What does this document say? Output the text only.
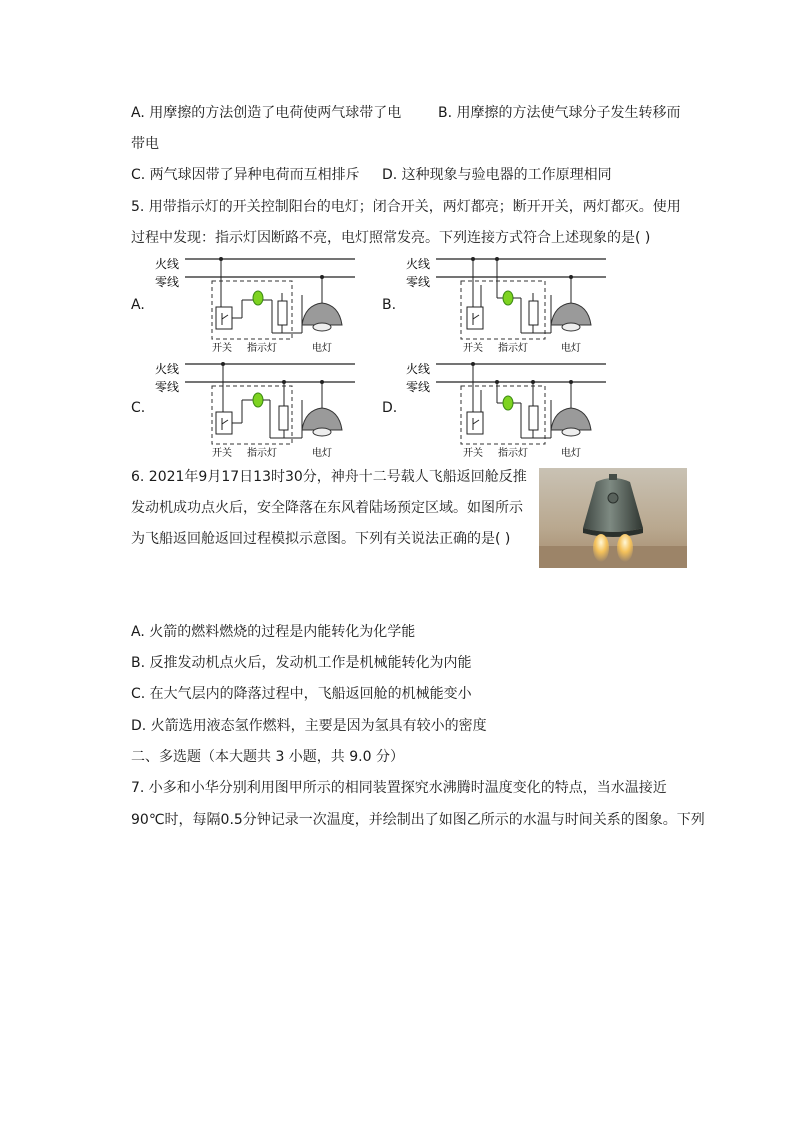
A. 用摩擦的方法创造了电荷使两气球带了电	B. 用摩擦的方法使气球分子发生转移而
带电
C. 两气球因带了异种电荷而互相排斥 D. 这种现象与验电器的工作原理相同
5. 用带指示灯的开关控制阳台的电灯；闭合开关，两灯都亮；断开开关，两灯都灭。使用
过程中发现：指示灯因断路不亮，电灯照常发亮。下列连接方式符合上述现象的是( )
A.	B.
C.	D.
火线
零线
开关 指示灯	电灯
火线
零线
开关 指示灯	电灯
火线
零线
开关 指示灯	电灯
火线
零线
开关 指示灯	电灯
6. 2021年9月17日13时30分，神舟十二号载人飞船返回舱反推
发动机成功点火后，安全降落在东风着陆场预定区域。如图所示
为飞船返回舱返回过程模拟示意图。下列有关说法正确的是( )
A. 火箭的燃料燃烧的过程是内能转化为化学能
B. 反推发动机点火后，发动机工作是机械能转化为内能
C. 在大气层内的降落过程中，飞船返回舱的机械能变小
D. 火箭选用液态氢作燃料，主要是因为氢具有较小的密度
二、多选题（本大题共 3 小题，共 9.0 分）
7. 小多和小华分别利用图甲所示的相同装置探究水沸腾时温度变化的特点，当水温接近
90℃时，每隔0.5分钟记录一次温度，并绘制出了如图乙所示的水温与时间关系的图象。下列
